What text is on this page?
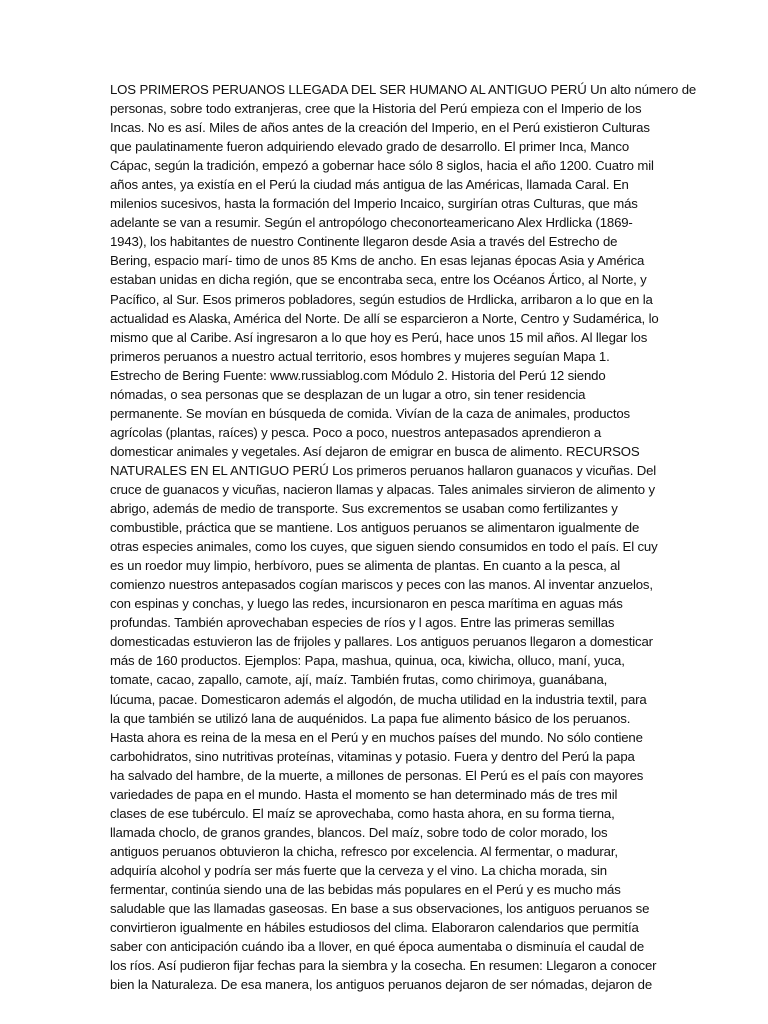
LOS PRIMEROS PERUANOS LLEGADA DEL SER HUMANO AL ANTIGUO PERÚ Un alto número de
personas, sobre todo extranjeras, cree que la Historia del Perú empieza con el Imperio de los
Incas. No es así. Miles de años antes de la creación del Imperio, en el Perú existieron Culturas
que paulatinamente fueron adquiriendo elevado grado de desarrollo. El primer Inca, Manco
Cápac, según la tradición, empezó a gobernar hace sólo 8 siglos, hacia el año 1200. Cuatro mil
años antes, ya existía en el Perú la ciudad más antigua de las Américas, llamada Caral. En
milenios sucesivos, hasta la formación del Imperio Incaico, surgirían otras Culturas, que más
adelante se van a resumir. Según el antropólogo checonorteamericano Alex Hrdlicka (1869-
1943), los habitantes de nuestro Continente llegaron desde Asia a través del Estrecho de
Bering, espacio marí- timo de unos 85 Kms de ancho. En esas lejanas épocas Asia y América
estaban unidas en dicha región, que se encontraba seca, entre los Océanos Ártico, al Norte, y
Pacífico, al Sur. Esos primeros pobladores, según estudios de Hrdlicka, arribaron a lo que en la
actualidad es Alaska, América del Norte. De allí se esparcieron a Norte, Centro y Sudamérica, lo
mismo que al Caribe. Así ingresaron a lo que hoy es Perú, hace unos 15 mil años. Al llegar los
primeros peruanos a nuestro actual territorio, esos hombres y mujeres seguían Mapa 1.
Estrecho de Bering Fuente: www.russiablog.com Módulo 2. Historia del Perú 12 siendo
nómadas, o sea personas que se desplazan de un lugar a otro, sin tener residencia
permanente. Se movían en búsqueda de comida. Vivían de la caza de animales, productos
agrícolas (plantas, raíces) y pesca. Poco a poco, nuestros antepasados aprendieron a
domesticar animales y vegetales. Así dejaron de emigrar en busca de alimento. RECURSOS
NATURALES EN EL ANTIGUO PERÚ Los primeros peruanos hallaron guanacos y vicuñas. Del
cruce de guanacos y vicuñas, nacieron llamas y alpacas. Tales animales sirvieron de alimento y
abrigo, además de medio de transporte. Sus excrementos se usaban como fertilizantes y
combustible, práctica que se mantiene. Los antiguos peruanos se alimentaron igualmente de
otras especies animales, como los cuyes, que siguen siendo consumidos en todo el país. El cuy
es un roedor muy limpio, herbívoro, pues se alimenta de plantas. En cuanto a la pesca, al
comienzo nuestros antepasados cogían mariscos y peces con las manos. Al inventar anzuelos,
con espinas y conchas, y luego las redes, incursionaron en pesca marítima en aguas más
profundas. También aprovechaban especies de ríos y l agos. Entre las primeras semillas
domesticadas estuvieron las de frijoles y pallares. Los antiguos peruanos llegaron a domesticar
más de 160 productos. Ejemplos: Papa, mashua, quinua, oca, kiwicha, olluco, maní, yuca,
tomate, cacao, zapallo, camote, ají, maíz. También frutas, como chirimoya, guanábana,
lúcuma, pacae. Domesticaron además el algodón, de mucha utilidad en la industria textil, para
la que también se utilizó lana de auquénidos. La papa fue alimento básico de los peruanos.
Hasta ahora es reina de la mesa en el Perú y en muchos países del mundo. No sólo contiene
carbohidratos, sino nutritivas proteínas, vitaminas y potasio. Fuera y dentro del Perú la papa
ha salvado del hambre, de la muerte, a millones de personas. El Perú es el país con mayores
variedades de papa en el mundo. Hasta el momento se han determinado más de tres mil
clases de ese tubérculo. El maíz se aprovechaba, como hasta ahora, en su forma tierna,
llamada choclo, de granos grandes, blancos. Del maíz, sobre todo de color morado, los
antiguos peruanos obtuvieron la chicha, refresco por excelencia. Al fermentar, o madurar,
adquiría alcohol y podría ser más fuerte que la cerveza y el vino. La chicha morada, sin
fermentar, continúa siendo una de las bebidas más populares en el Perú y es mucho más
saludable que las llamadas gaseosas. En base a sus observaciones, los antiguos peruanos se
convirtieron igualmente en hábiles estudiosos del clima. Elaboraron calendarios que permitía
saber con anticipación cuándo iba a llover, en qué época aumentaba o disminuía el caudal de
los ríos. Así pudieron fijar fechas para la siembra y la cosecha. En resumen: Llegaron a conocer
bien la Naturaleza. De esa manera, los antiguos peruanos dejaron de ser nómadas, dejaron de
